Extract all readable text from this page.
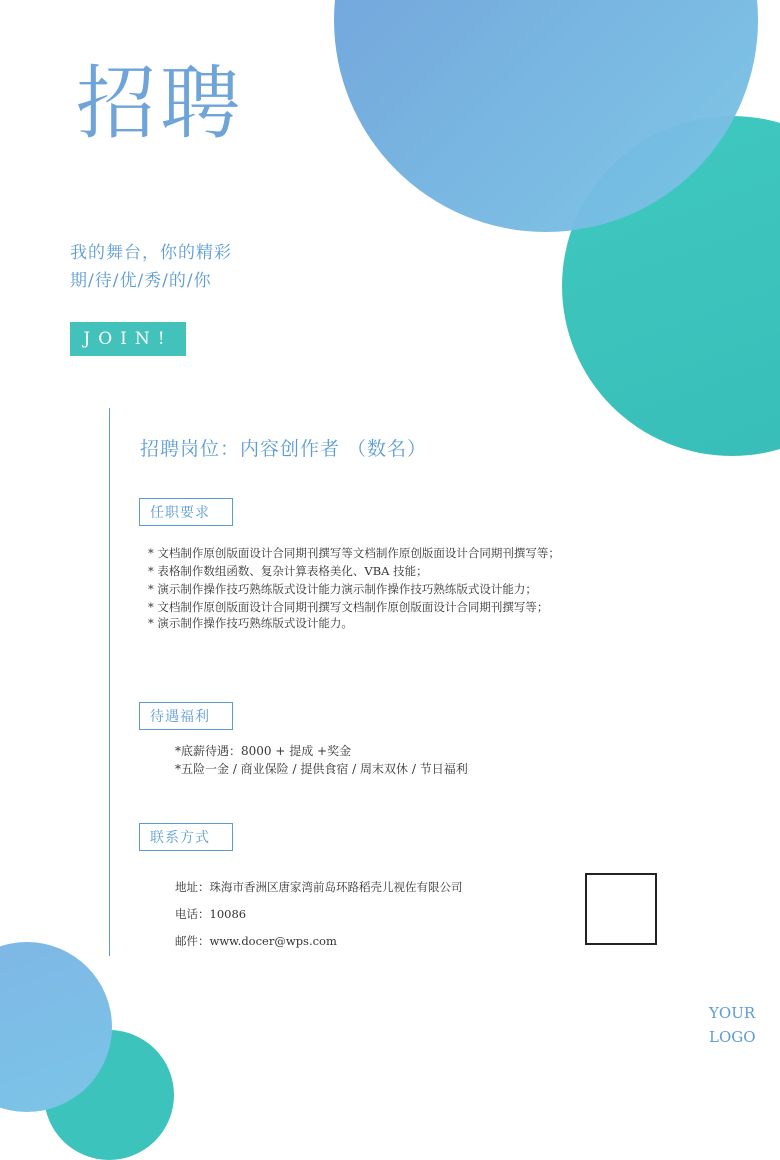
招聘
我的舞台，你的精彩
期/待/优/秀/的/你
JOIN!
招聘岗位：内容创作者 （数名）
任职要求
* 文档制作原创版面设计合同期刊撰写等文档制作原创版面设计合同期刊撰写等；
* 表格制作数组函数、复杂计算表格美化、VBA 技能；
* 演示制作操作技巧熟练版式设计能力演示制作操作技巧熟练版式设计能力；
* 文档制作原创版面设计合同期刊撰写文档制作原创版面设计合同期刊撰写等；
* 演示制作操作技巧熟练版式设计能力。
待遇福利
*底薪待遇：8000 + 提成 +奖金
*五险一金 / 商业保险 / 提供食宿 / 周末双休 / 节日福利
联系方式
地址：珠海市香洲区唐家湾前岛环路稻壳儿视佐有限公司
电话：10086
邮件：www.docer@wps.com
YOUR
LOGO
